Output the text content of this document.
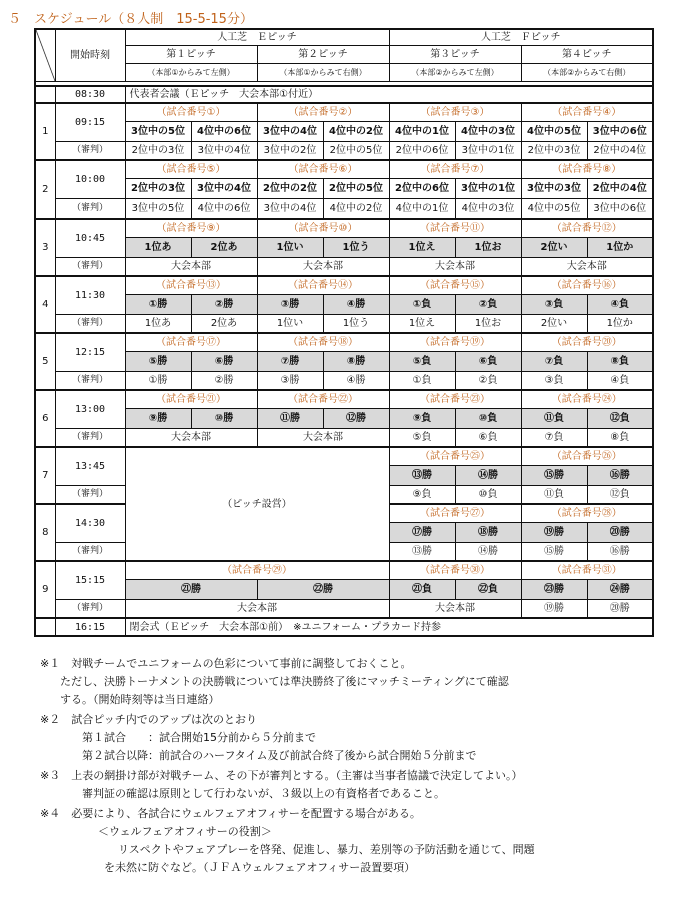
５　スケジュール（８人制　15-5-15分）
	開始時刻	人工芝　Ｅピッチ				人工芝　Ｆピッチ			
		第１ピッチ		第２ピッチ		第３ピッチ		第４ピッチ	
		（本部①からみて左側）		（本部①からみて右側）		（本部②からみて左側）		（本部②からみて右側）	

	08:30	代表者会議（Ｅピッチ　大会本部①付近）							
1	09:15	（試合番号①）		（試合番号②）		（試合番号③）		（試合番号④）	
		3位中の5位	4位中の6位	3位中の4位	4位中の2位	4位中の1位	4位中の3位	4位中の5位	3位中の6位
	（審判）	2位中の3位	3位中の4位	3位中の2位	2位中の5位	2位中の6位	3位中の1位	2位中の3位	2位中の4位
2	10:00	（試合番号⑤）		（試合番号⑥）		（試合番号⑦）		（試合番号⑧）	
		2位中の3位	3位中の4位	2位中の2位	2位中の5位	2位中の6位	3位中の1位	3位中の3位	2位中の4位
	（審判）	3位中の5位	4位中の6位	3位中の4位	4位中の2位	4位中の1位	4位中の3位	4位中の5位	3位中の6位
3	10:45	（試合番号⑨）		（試合番号⑩）		（試合番号⑪）		（試合番号⑫）	
		1位あ	2位あ	1位い	1位う	1位え	1位お	2位い	1位か
	（審判）	大会本部		大会本部		大会本部		大会本部	
4	11:30	（試合番号⑬）		（試合番号⑭）		（試合番号⑮）		（試合番号⑯）	
		①勝	②勝	③勝	④勝	①負	②負	③負	④負
	（審判）	1位あ	2位あ	1位い	1位う	1位え	1位お	2位い	1位か
5	12:15	（試合番号⑰）		（試合番号⑱）		（試合番号⑲）		（試合番号⑳）	
		⑤勝	⑥勝	⑦勝	⑧勝	⑤負	⑥負	⑦負	⑧負
	（審判）	①勝	②勝	③勝	④勝	①負	②負	③負	④負
6	13:00	（試合番号㉑）		（試合番号㉒）		（試合番号㉓）		（試合番号㉔）	
		⑨勝	⑩勝	⑪勝	⑫勝	⑨負	⑩負	⑪負	⑫負
	（審判）	大会本部		大会本部		⑤負	⑥負	⑦負	⑧負
7	13:45	（ピッチ設営）				（試合番号㉕）		（試合番号㉖）	
						⑬勝	⑭勝	⑮勝	⑯勝
	（審判）					⑨負	⑩負	⑪負	⑫負
8	14:30					（試合番号㉗）		（試合番号㉘）	
						⑰勝	⑱勝	⑲勝	⑳勝
	（審判）					⑬勝	⑭勝	⑮勝	⑯勝
9	15:15	（試合番号㉙）				（試合番号㉚）		（試合番号㉛）	
		㉑勝		㉒勝		㉑負	㉒負	㉓勝	㉔勝
	（審判）	大会本部				大会本部		⑲勝	⑳勝
	16:15	閉会式（Ｅピッチ　大会本部①前）　※ユニフォーム・プラカード持参							
※１　対戦チームでユニフォームの色彩について事前に調整しておくこと。
ただし、決勝トーナメントの決勝戦については準決勝終了後にマッチミーティングにて確認
する。（開始時刻等は当日連絡）
※２　試合ピッチ内でのアップは次のとおり
第１試合　　：試合開始15分前から５分前まで
第２試合以降：前試合のハーフタイム及び前試合終了後から試合開始５分前まで
※３　上表の網掛け部が対戦チーム、その下が審判とする。（主審は当事者協議で決定してよい。）
審判証の確認は原則として行わないが、３級以上の有資格者であること。
※４　必要により、各試合にウェルフェアオフィサーを配置する場合がある。
＜ウェルフェアオフィサーの役割＞
リスペクトやフェアプレーを啓発、促進し、暴力、差別等の予防活動を通じて、問題
を未然に防ぐなど。（ＪＦＡウェルフェアオフィサー設置要項）
